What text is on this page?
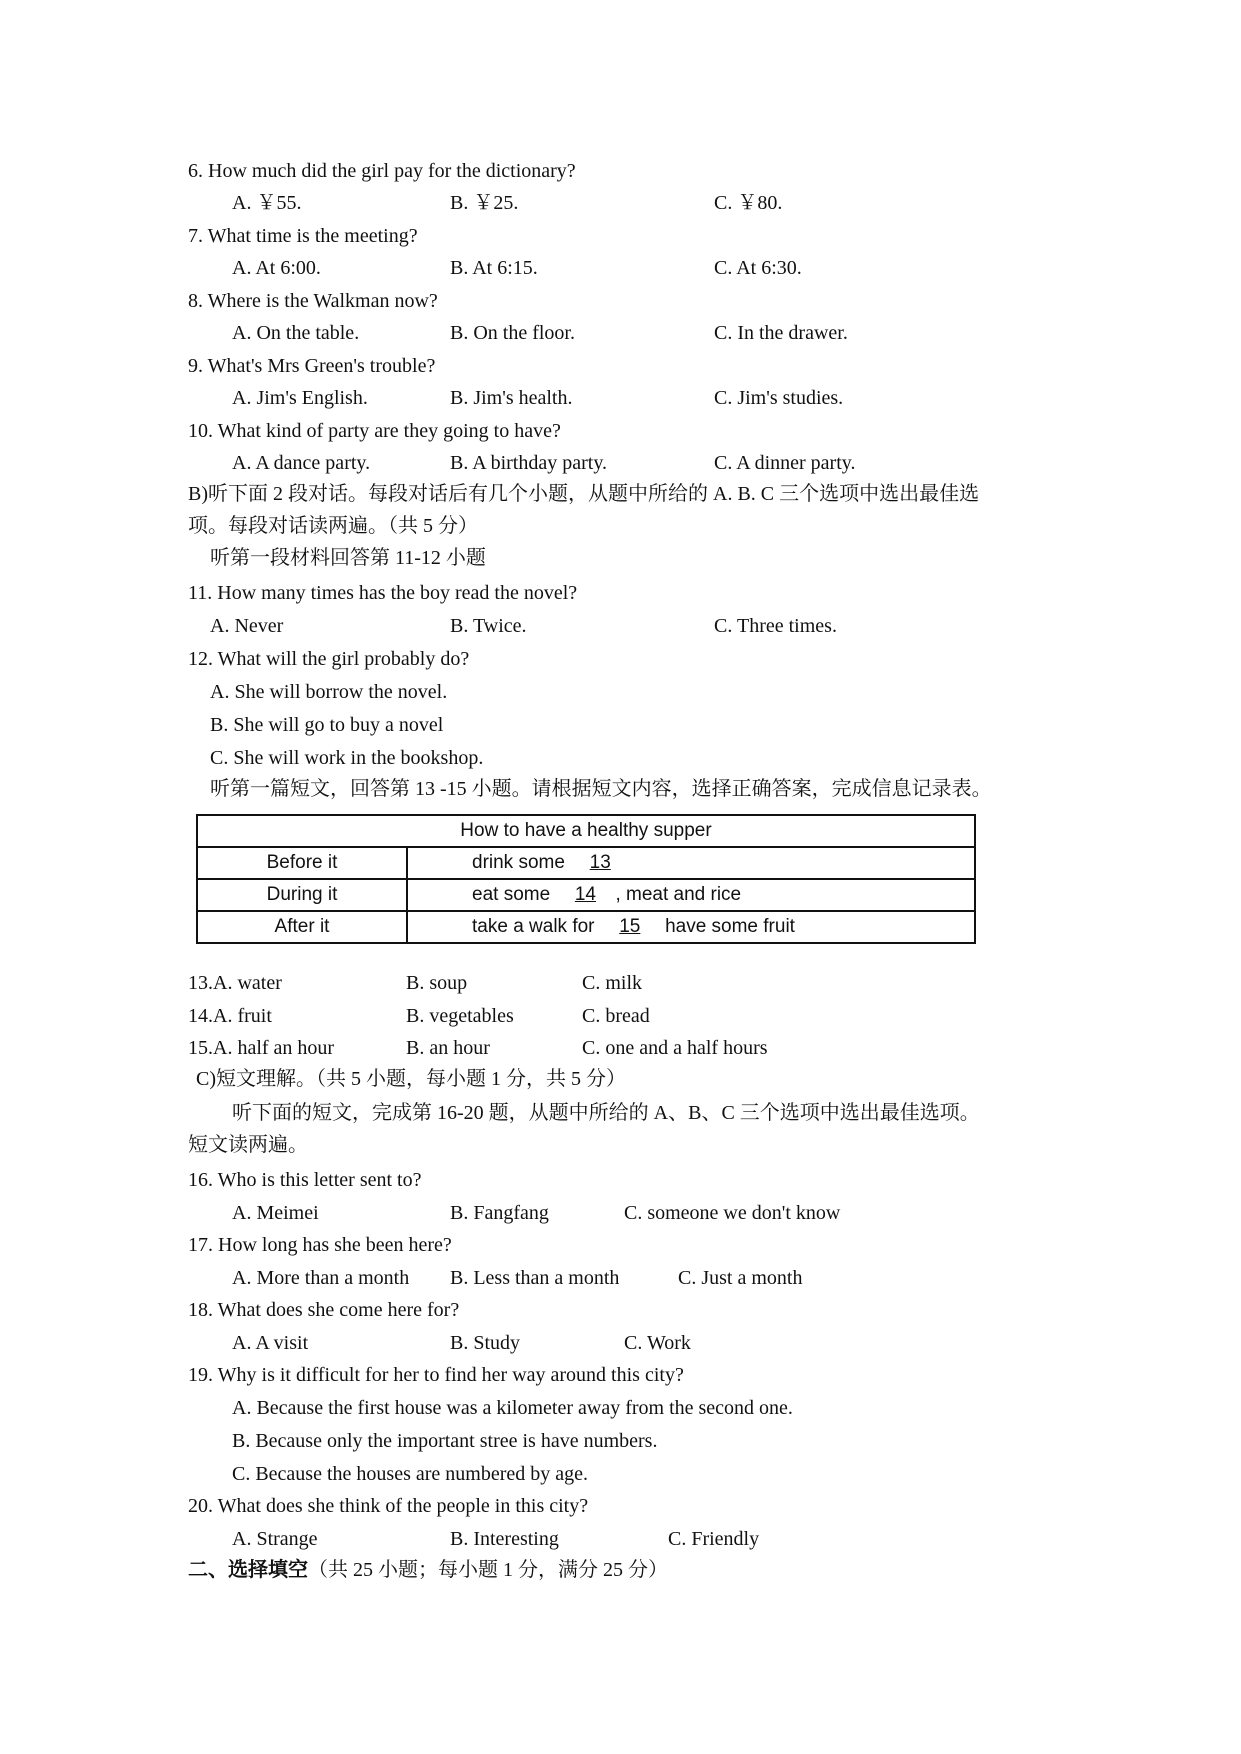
6. How much did the girl pay for the dictionary?
A. ￥55.	B. ￥25.	C. ￥80.
7. What time is the meeting?
A. At 6:00.	B. At 6:15.	C. At 6:30.
8. Where is the Walkman now?
A. On the table.	B. On the floor.	C. In the drawer.
9. What's Mrs Green's trouble?
A. Jim's English.	B. Jim's health.	C. Jim's studies.
10. What kind of party are they going to have?
A. A dance party.	B. A birthday party.	C. A dinner party.
B)听下面 2 段对话。每段对话后有几个小题，从题中所给的 A. B. C 三个选项中选出最佳选
项。每段对话读两遍。（共 5 分）
听第一段材料回答第 11-12 小题
11. How many times has the boy read the novel?
A. Never	B. Twice.	C. Three times.
12. What will the girl probably do?
A. She will borrow the novel.
B. She will go to buy a novel
C. She will work in the bookshop.
听第一篇短文，回答第 13 -15 小题。请根据短文内容，选择正确答案，完成信息记录表。
How to have a healthy supper	
Before it	drink some 13
During it	eat some 14 , meat and rice
After it	take a walk for 15 have some fruit
13.A. water	B. soup	C. milk
14.A. fruit	B. vegetables	C. bread
15.A. half an hour	B. an hour	C. one and a half hours
C)短文理解。（共 5 小题，每小题 1 分，共 5 分）
听下面的短文，完成第 16-20 题，从题中所给的 A、B、C 三个选项中选出最佳选项。
短文读两遍。
16. Who is this letter sent to?
A. Meimei	B. Fangfang	C. someone we don't know
17. How long has she been here?
A. More than a month B. Less than a month	C. Just a month
18. What does she come here for?
A. A visit	B. Study	C. Work
19. Why is it difficult for her to find her way around this city?
A. Because the first house was a kilometer away from the second one.
B. Because only the important stree is have numbers.
C. Because the houses are numbered by age.
20. What does she think of the people in this city?
A. Strange	B. Interesting	C. Friendly
二、选择填空（共 25 小题；每小题 1 分，满分 25 分）
